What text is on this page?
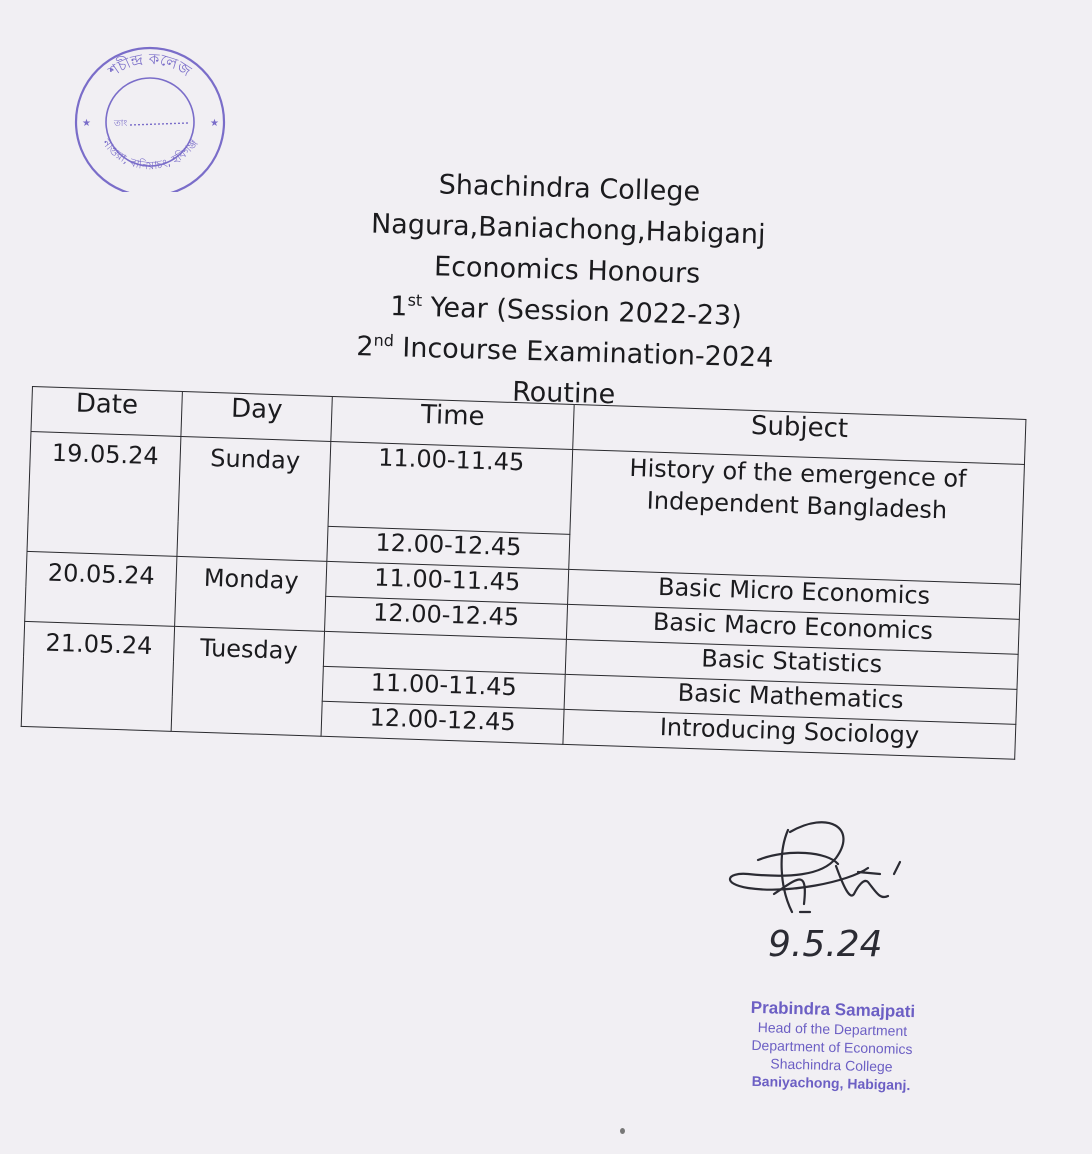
শচীন্দ্র কলেজ
নাগুরা, বানিয়াচং, হবিগঞ্জ
★	★
তাং
Shachindra College
Nagura,Baniachong,Habiganj
Economics Honours
1st Year (Session 2022-23)
2nd Incourse Examination-2024
Routine
Date	Day	Time	Subject
19.05.24	Sunday	11.00-11.45	History of the emergence of Independent Bangladesh
		12.00-12.45	
20.05.24	Monday	11.00-11.45	Basic Micro Economics
		12.00-12.45	Basic Macro Economics
21.05.24	Tuesday		Basic Statistics
		11.00-11.45	Basic Mathematics
		12.00-12.45	Introducing Sociology
9.5.24
Prabindra Samajpati
Head of the Department
Department of Economics
Shachindra College
Baniyachong, Habiganj.
